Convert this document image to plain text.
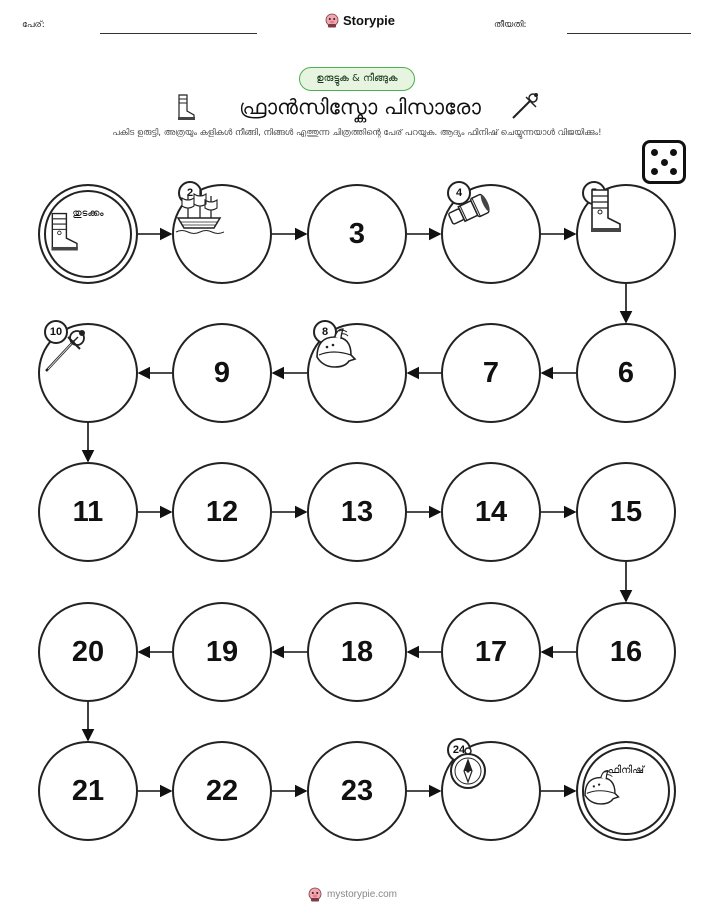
പേര്:	Storypie	തീയതി:
ഉരുട്ടുക & നീങ്ങുക
ഫ്രാൻസിസ്കോ പിസാരോ
പകിട ഉരുട്ടി, അത്രയും കളികൾ നീങ്ങി, നിങ്ങൾ എത്തുന്ന ചിത്രത്തിന്റെ പേര് പറയുക. ആദ്യം ഫിനിഷ് ചെയ്യുന്നയാൾ വിജയിക്കും!
തുടക്കം
2
3
4
6
7
8
9
10
11	12	13	14	15
16
17
18
19
20
21	22	23
24
ഫിനിഷ്
mystorypie.com
